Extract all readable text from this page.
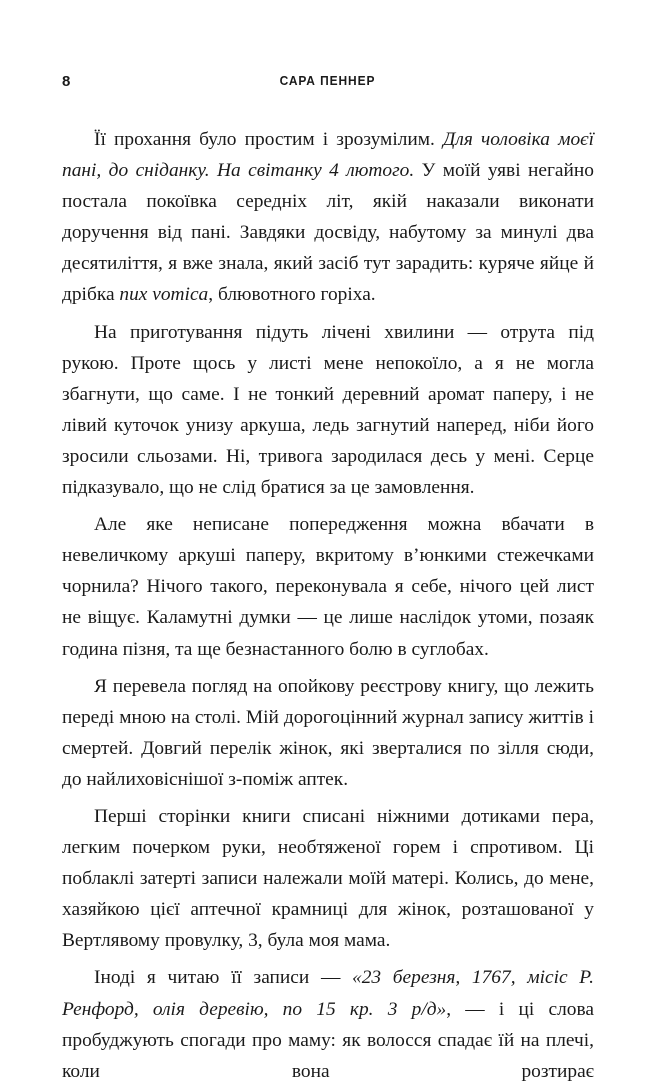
8	САРА ПЕННЕР

Її прохання було простим і зрозумілим. Для чоловіка моєї пані, до сніданку. На світанку 4 лютого. У моїй уяві негайно постала покоївка середніх літ, якій наказали виконати доручення від пані. Завдяки досвіду, набутому за минулі два десятиліття, я вже знала, який засіб тут зарадить: куряче яйце й дрібка nux vomica, блювотного горіха.

На приготування підуть лічені хвилини — отрута під рукою. Проте щось у листі мене непокоїло, а я не могла збагнути, що саме. І не тонкий деревний аромат паперу, і не лівий куточок унизу аркуша, ледь загнутий наперед, ніби його зросили сльозами. Ні, тривога зародилася десь у мені. Серце підказувало, що не слід братися за це замовлення.

Але яке неписане попередження можна вбачати в невеличкому аркуші паперу, вкритому в’юнкими стежечками чорнила? Нічого такого, переконувала я себе, нічого цей лист не віщує. Каламутні думки — це лише наслідок утоми, позаяк година пізня, та ще безнастанного болю в суглобах.

Я перевела погляд на опойкову реєстрову книгу, що лежить переді мною на столі. Мій дорогоцінний журнал запису життів і смертей. Довгий перелік жінок, які зверталися по зілля сюди, до найлиховіснішої з-поміж аптек.

Перші сторінки книги списані ніжними дотиками пера, легким почерком руки, необтяженої горем і спротивом. Ці поблаклі затерті записи належали моїй матері. Колись, до мене, хазяйкою цієї аптечної крамниці для жінок, розташованої у Вертлявому провулку, 3, була моя мама.

Іноді я читаю її записи — «23 березня, 1767, місіс Р. Ренфорд, олія деревію, по 15 кр. 3 р/д», — і ці слова пробуджують спогади про маму: як волосся спадає їй на плечі, коли вона розтирає
